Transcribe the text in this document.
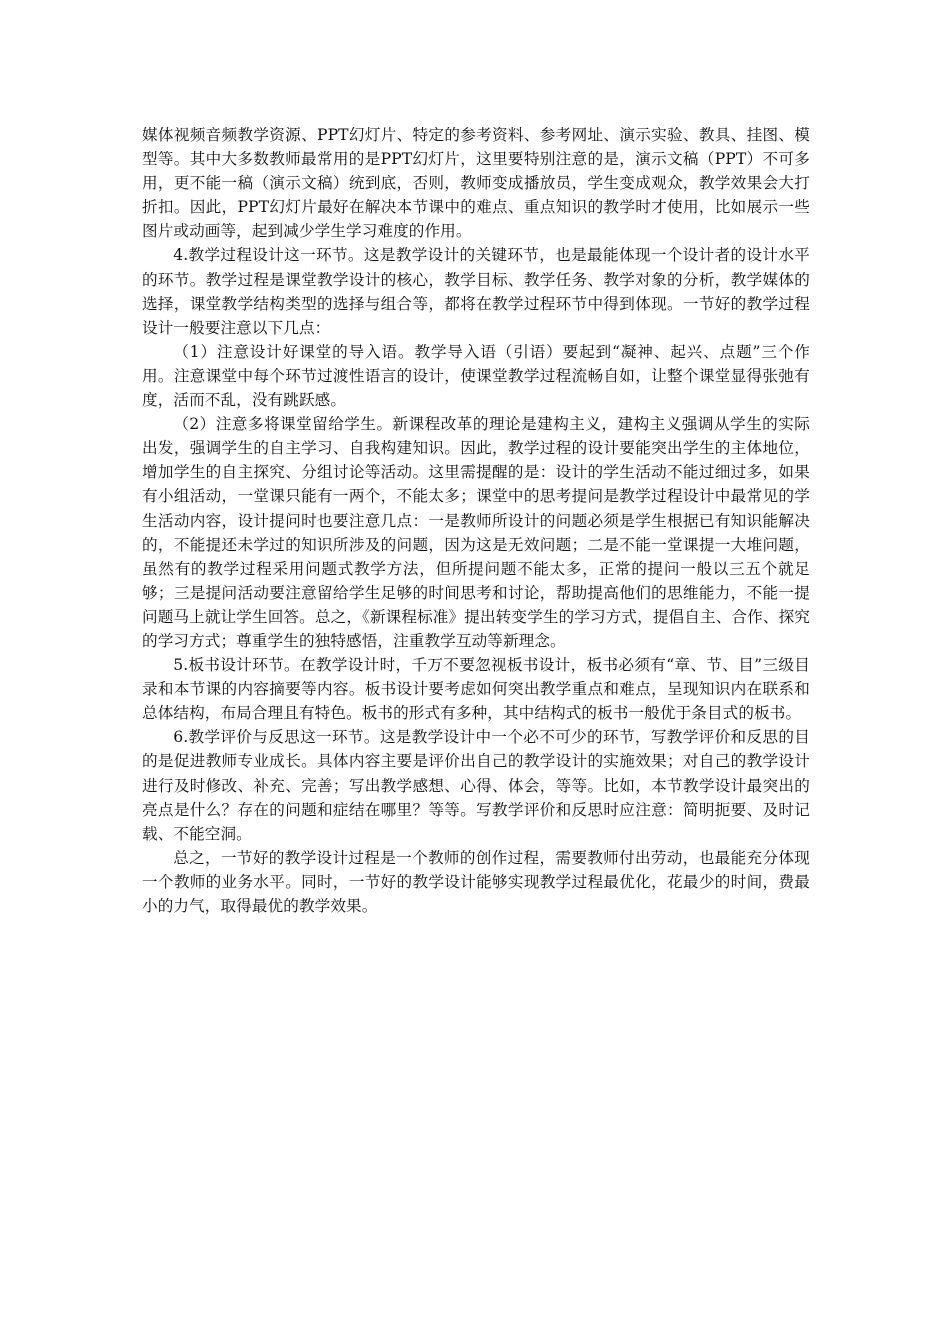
媒体视频音频教学资源、PPT幻灯片、特定的参考资料、参考网址、演示实验、教具、挂图、模型等。其中大多数教师最常用的是PPT幻灯片，这里要特别注意的是，演示文稿（PPT）不可多用，更不能一稿（演示文稿）统到底，否则，教师变成播放员，学生变成观众，教学效果会大打折扣。因此，PPT幻灯片最好在解决本节课中的难点、重点知识的教学时才使用，比如展示一些图片或动画等，起到减少学生学习难度的作用。

4.教学过程设计这一环节。这是教学设计的关键环节，也是最能体现一个设计者的设计水平的环节。教学过程是课堂教学设计的核心，教学目标、教学任务、教学对象的分析，教学媒体的选择，课堂教学结构类型的选择与组合等，都将在教学过程环节中得到体现。一节好的教学过程设计一般要注意以下几点：

（1）注意设计好课堂的导入语。教学导入语（引语）要起到“凝神、起兴、点题”三个作用。注意课堂中每个环节过渡性语言的设计，使课堂教学过程流畅自如，让整个课堂显得张弛有度，活而不乱，没有跳跃感。

（2）注意多将课堂留给学生。新课程改革的理论是建构主义，建构主义强调从学生的实际出发，强调学生的自主学习、自我构建知识。因此，教学过程的设计要能突出学生的主体地位，增加学生的自主探究、分组讨论等活动。这里需提醒的是：设计的学生活动不能过细过多，如果有小组活动，一堂课只能有一两个，不能太多；课堂中的思考提问是教学过程设计中最常见的学生活动内容，设计提问时也要注意几点：一是教师所设计的问题必须是学生根据已有知识能解决的，不能提还未学过的知识所涉及的问题，因为这是无效问题；二是不能一堂课提一大堆问题，虽然有的教学过程采用问题式教学方法，但所提问题不能太多，正常的提问一般以三五个就足够；三是提问活动要注意留给学生足够的时间思考和讨论，帮助提高他们的思维能力，不能一提问题马上就让学生回答。总之，《新课程标准》提出转变学生的学习方式，提倡自主、合作、探究的学习方式；尊重学生的独特感悟，注重教学互动等新理念。

5.板书设计环节。在教学设计时，千万不要忽视板书设计，板书必须有“章、节、目”三级目录和本节课的内容摘要等内容。板书设计要考虑如何突出教学重点和难点，呈现知识内在联系和总体结构，布局合理且有特色。板书的形式有多种，其中结构式的板书一般优于条目式的板书。

6.教学评价与反思这一环节。这是教学设计中一个必不可少的环节，写教学评价和反思的目的是促进教师专业成长。具体内容主要是评价出自己的教学设计的实施效果；对自己的教学设计进行及时修改、补充、完善；写出教学感想、心得、体会，等等。比如，本节教学设计最突出的亮点是什么？存在的问题和症结在哪里？等等。写教学评价和反思时应注意：简明扼要、及时记载、不能空洞。

总之，一节好的教学设计过程是一个教师的创作过程，需要教师付出劳动，也最能充分体现一个教师的业务水平。同时，一节好的教学设计能够实现教学过程最优化，花最少的时间，费最小的力气，取得最优的教学效果。
